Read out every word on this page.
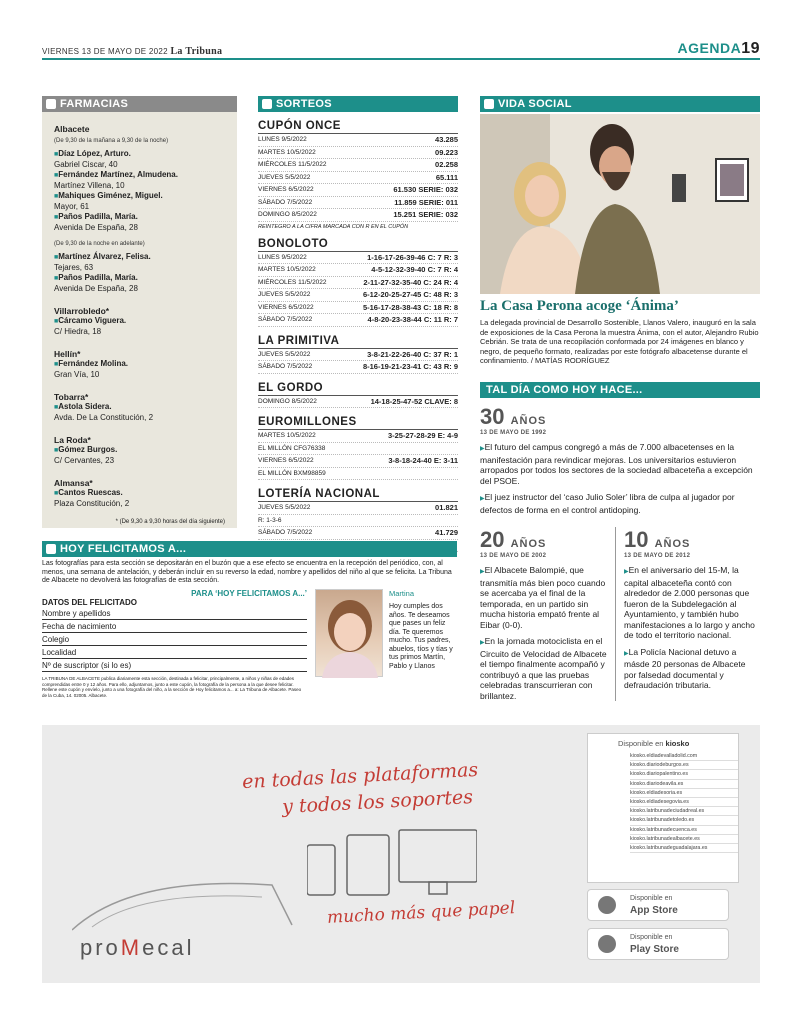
VIERNES 13 DE MAYO DE 2022 La Tribuna	AGENDA19
FARMACIAS
Albacete
(De 9,30 de la mañana a 9,30 de la noche)
■ Díaz López, Arturo.
Gabriel Ciscar, 40
■ Fernández Martínez, Almudena.
Martínez Villena, 10
■ Mahiques Giménez, Miguel.
Mayor, 61
■ Paños Padilla, María.
Avenida De España, 28
(De 9,30 de la noche en adelante)
■ Martínez Álvarez, Felisa.
Tejares, 63
■ Paños Padilla, María.
Avenida De España, 28
Villarrobledo*
■ Cárcamo Viguera.
C/ Hiedra, 18
Hellín*
■ Fernández Molina.
Gran Vía, 10
Tobarra*
■ Astola Sidera.
Avda. De La Constitución, 2
La Roda*
■ Gómez Burgos.
C/ Cervantes, 23
Almansa*
■ Cantos Ruescas.
Plaza Constitución, 2
* (De 9,30 a 9,30 horas del día siguiente)
SORTEOS
CUPÓN ONCE
LUNES 9/5/2022	43.285
MARTES 10/5/2022	09.223
MIÉRCOLES 11/5/2022	02.258
JUEVES 5/5/2022	65.111
VIERNES 6/5/2022	61.530 SERIE: 032
SÁBADO 7/5/2022	11.859 SERIE: 011
DOMINGO 8/5/2022	15.251 SERIE: 032
REINTEGRO A LA CIFRA MARCADA CON R EN EL CUPÓN
BONOLOTO
LUNES 9/5/2022	1-16-17-26-39-46 C: 7 R: 3
MARTES 10/5/2022	4-5-12-32-39-40 C: 7 R: 4
MIÉRCOLES 11/5/2022	2-11-27-32-35-40 C: 24 R: 4
JUEVES 5/5/2022	6-12-20-25-27-45 C: 48 R: 3
VIERNES 6/5/2022	5-16-17-28-38-43 C: 18 R: 8
SÁBADO 7/5/2022	4-8-20-23-38-44 C: 11 R: 7
LA PRIMITIVA
JUEVES 5/5/2022	3-8-21-22-26-40 C: 37 R: 1
SÁBADO 7/5/2022	8-16-19-21-23-41 C: 43 R: 9
EL GORDO
DOMINGO 8/5/2022	14-18-25-47-52 CLAVE: 8
EUROMILLONES
MARTES 10/5/2022	3-25-27-28-29 E: 4-9
EL MILLÓN CFG76338
VIERNES 6/5/2022	3-8-18-24-40 E: 3-11
EL MILLÓN BXM98859
LOTERÍA NACIONAL
JUEVES 5/5/2022	01.821
R: 1-3-6
SÁBADO 7/5/2022	41.729
VIDA SOCIAL
La Casa Perona acoge ‘Ánima’
La delegada provincial de Desarrollo Sostenible, Llanos Valero, inauguró en la sala de exposiciones de la Casa Perona la muestra Ánima, con el autor, Alejandro Rubio Cebrián. Se trata de una recopilación conformada por 24 imágenes en blanco y negro, de pequeño formato, realizadas por este fotógrafo albacetense durante el confinamiento. / MATÍAS RODRÍGUEZ
TAL DÍA COMO HOY HACE...
30 AÑOS
13 DE MAYO DE 1992
▶ El futuro del campus congregó a más de 7.000 albacetenses en la manifestación para revindicar mejoras. Los universitarios estuvieron arropados por todos los sectores de la sociedad albaceteña a excepción del PSOE.
▶ El juez instructor del ‘caso Julio Soler’ libra de culpa al jugador por defectos de forma en el control antidoping.
20 AÑOS
13 DE MAYO DE 2002
▶ El Albacete Balompié, que transmitía más bien poco cuando se acercaba ya el final de la temporada, en un partido sin mucha historia empató frente al Eibar (0-0).
▶ En la jornada motociclista en el Circuito de Velocidad de Albacete el tiempo finalmente acompañó y contribuyó a que las pruebas celebradas transcurrieran con brillantez.
10 AÑOS
13 DE MAYO DE 2012
▶ En el aniversario del 15-M, la capital albaceteña contó con alrededor de 2.000 personas que fueron de la Subdelegación al Ayuntamiento, y también hubo manifestaciones a lo largo y ancho de todo el territorio nacional.
▶ La Policía Nacional detuvo a másde 20 personas de Albacete por falsedad documental y defraudación tributaria.
HOY FELICITAMOS A...
Las fotografías para esta sección se depositarán en el buzón que a ese efecto se encuentra en la recepción del periódico, con, al menos, una semana de antelación, y deberán incluir en su reverso la edad, nombre y apellidos del niño al que se felicita. La Tribuna de Albacete no devolverá las fotografías de esta sección.
PARA ‘HOY FELICITAMOS A...’
DATOS DEL FELICITADO
Nombre y apellidos
Fecha de nacimiento
Colegio
Localidad
Nº de suscriptor (si lo es)
LA TRIBUNA DE ALBACETE publica diariamente esta sección, destinada a felicitar, principalmente, a niños y niñas de edades comprendidas entre 0 y 12 años. Para ello, adjuntamos, junto a este cupón, la fotografía de la persona a la que desee felicitar. Rellene este cupón y envíelo, junto a una fotografía del niño, a la sección de Hoy felicitamos a... a: La Tribuna de Albacete. Paseo de la Cuba, 14. 02005. Albacete.
Martina
Hoy cumples dos años. Te deseamos que pases un feliz día. Te queremos mucho. Tus padres, abuelos, tíos y tías y tus primos Martín, Pablo y Llanos
en todas las plataformas
y todos los soportes
mucho más que papel
proMecal
Disponible en kiosko
kiosko.eldiadevalladolid.com
kiosko.diariodeburgos.es
kiosko.diariopalentino.es
kiosko.diariodeavila.es
kiosko.eldiadesoria.es
kiosko.eldiadesegovia.es
kiosko.latribunadeciudadreal.es
kiosko.latribunadetoledo.es
kiosko.latribunadecuenca.es
kiosko.latribunadealbacete.es
kiosko.latribunadeguadalajara.es
Disponible en
App Store
Disponible en
Play Store
